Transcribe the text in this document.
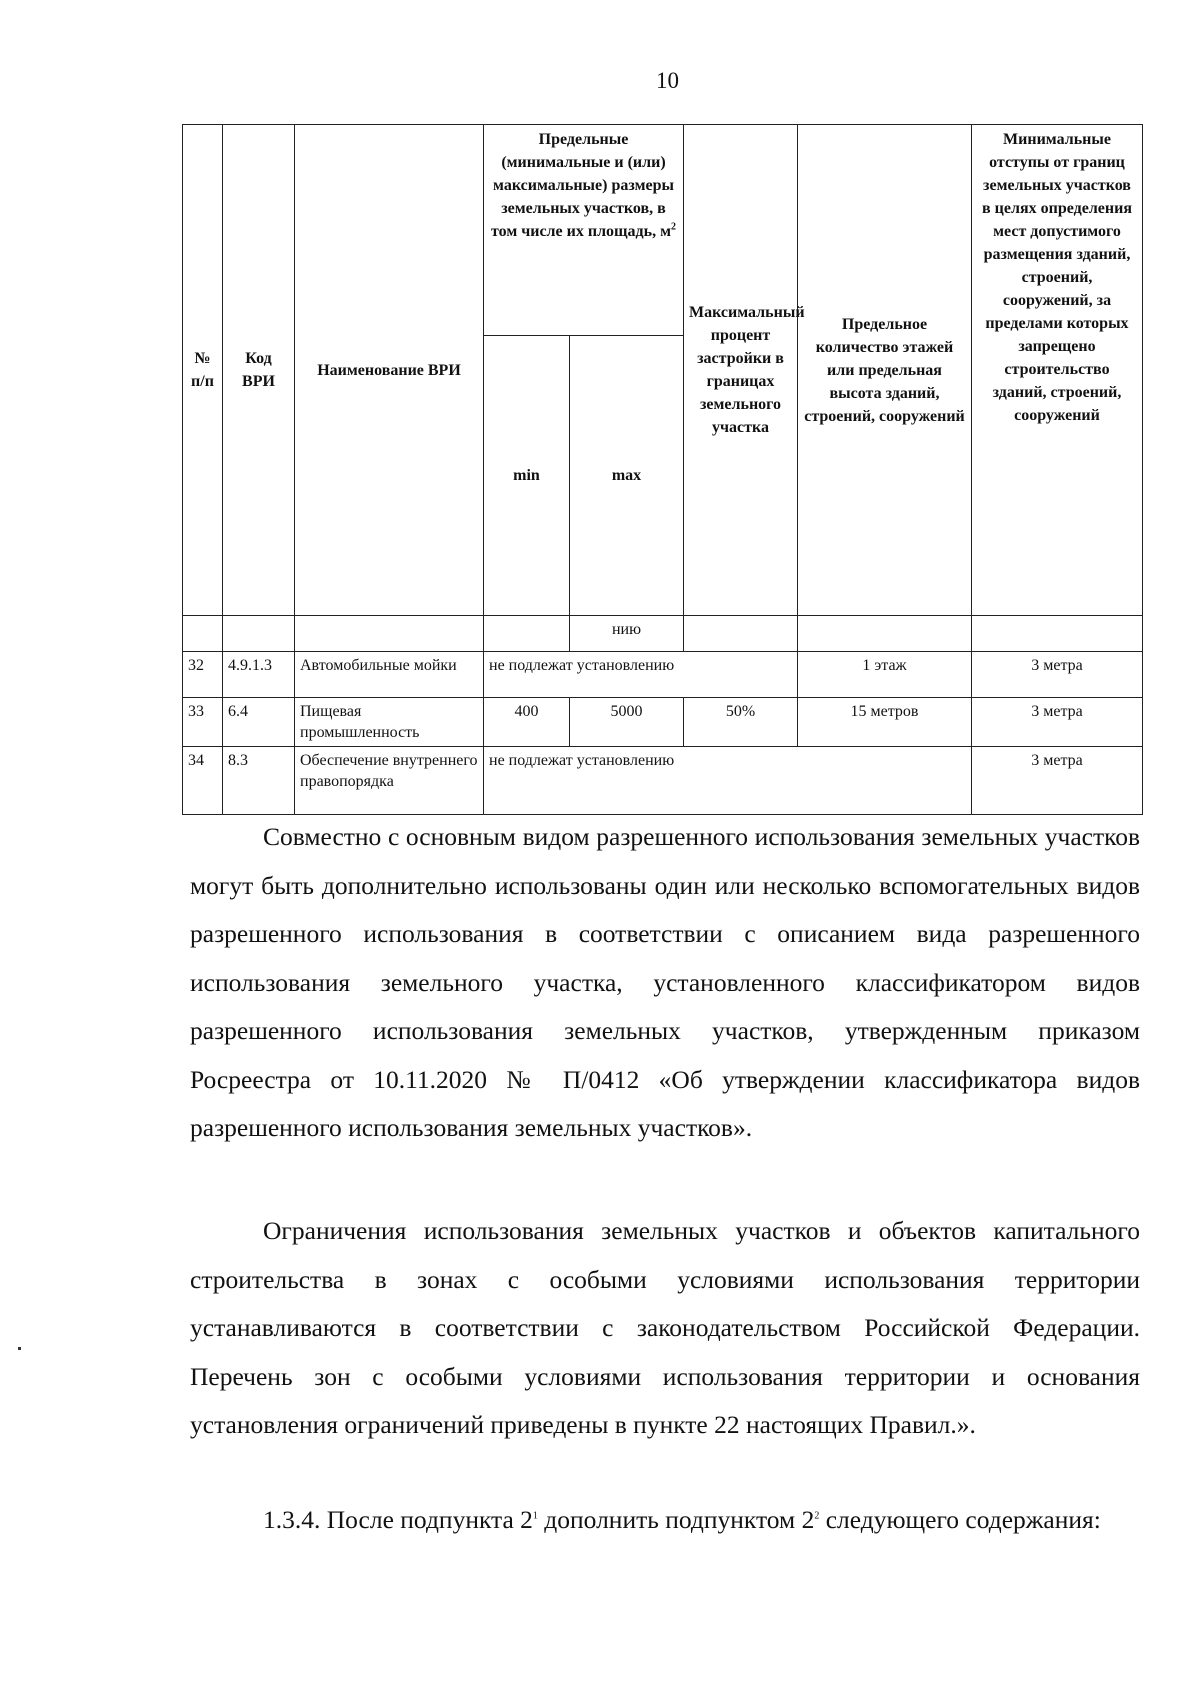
10
№ п/п	Код ВРИ	Наименование ВРИ	Предельные (минимальные и (или) максимальные) размеры земельных участков, в том числе их площадь, $м^2$		Максимальный процент застройки в границах земельного участка	Предельное количество этажей или предельная высота зданий, строений, сооружений	Минимальные отступы от границ земельных участков в целях определения мест допустимого размещения зданий, строений, сооружений, за пределами которых запрещено строительство зданий, строений, сооружений
			min	max			
				нию			
32	4.9.1.3	Автомобильные мойки	не подлежат установлению			1 этаж	3 метра
33	6.4	Пищевая промышленность	400	5000	50%	15 метров	3 метра
34	8.3	Обеспечение внутреннего правопорядка	не подлежат установлению				3 метра

Совместно с основным видом разрешенного использования земельных участков могут быть дополнительно использованы один или несколько вспомогательных видов разрешенного использования в соответствии с описанием вида разрешенного использования земельного участка, установленного классификатором видов разрешенного использования земельных участков, утвержденным приказом Росреестра от 10.11.2020 № П/0412 «Об утверждении классификатора видов разрешенного использования земельных участков».

Ограничения использования земельных участков и объектов капитального строительства в зонах с особыми условиями использования территории устанавливаются в соответствии с законодательством Российской Федерации. Перечень зон с особыми условиями использования территории и основания установления ограничений приведены в пункте 22 настоящих Правил.».

1.3.4. После подпункта $2^1$ дополнить подпунктом $2^2$ следующего содержания:
